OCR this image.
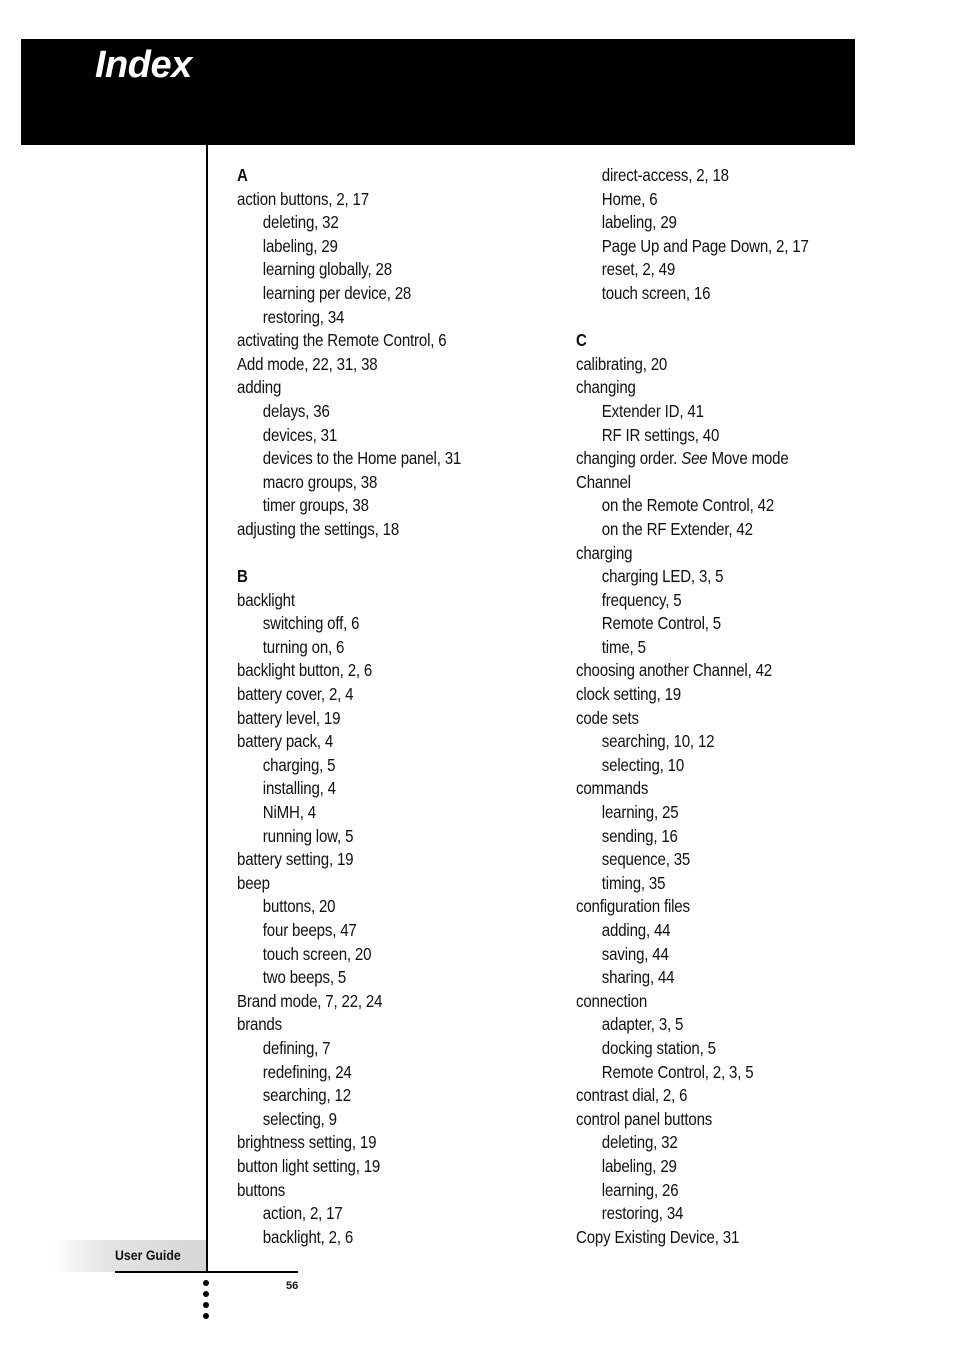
Index
A
action buttons, 2, 17
deleting, 32
labeling, 29
learning globally, 28
learning per device, 28
restoring, 34
activating the Remote Control, 6
Add mode, 22, 31, 38
adding
delays, 36
devices, 31
devices to the Home panel, 31
macro groups, 38
timer groups, 38
adjusting the settings, 18
B
backlight
switching off, 6
turning on, 6
backlight button, 2, 6
battery cover, 2, 4
battery level, 19
battery pack, 4
charging, 5
installing, 4
NiMH, 4
running low, 5
battery setting, 19
beep
buttons, 20
four beeps, 47
touch screen, 20
two beeps, 5
Brand mode, 7, 22, 24
brands
defining, 7
redefining, 24
searching, 12
selecting, 9
brightness setting, 19
button light setting, 19
buttons
action, 2, 17
backlight, 2, 6
direct-access, 2, 18
Home, 6
labeling, 29
Page Up and Page Down, 2, 17
reset, 2, 49
touch screen, 16
C
calibrating, 20
changing
Extender ID, 41
RF IR settings, 40
changing order. See Move mode
Channel
on the Remote Control, 42
on the RF Extender, 42
charging
charging LED, 3, 5
frequency, 5
Remote Control, 5
time, 5
choosing another Channel, 42
clock setting, 19
code sets
searching, 10, 12
selecting, 10
commands
learning, 25
sending, 16
sequence, 35
timing, 35
configuration files
adding, 44
saving, 44
sharing, 44
connection
adapter, 3, 5
docking station, 5
Remote Control, 2, 3, 5
contrast dial, 2, 6
control panel buttons
deleting, 32
labeling, 29
learning, 26
restoring, 34
Copy Existing Device, 31
User Guide
56
